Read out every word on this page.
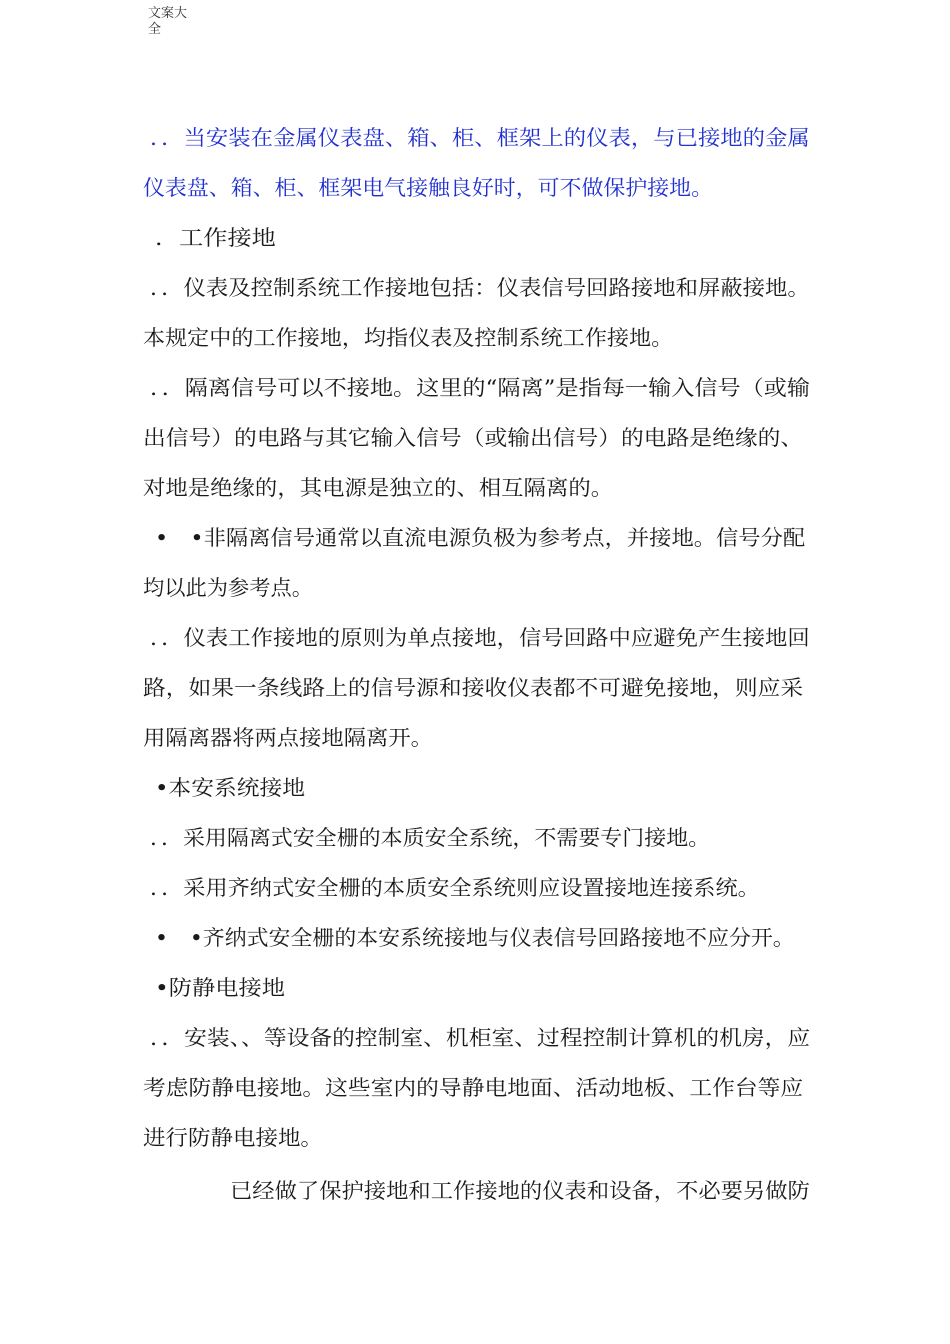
文案大全
．．当安装在金属仪表盘、箱、柜、框架上的仪表，与已接地的金属
仪表盘、箱、柜、框架电气接触良好时，可不做保护接地。
．工作接地
．．仪表及控制系统工作接地包括：仪表信号回路接地和屏蔽接地。
本规定中的工作接地，均指仪表及控制系统工作接地。
．．隔离信号可以不接地。这里的“隔离”是指每一输入信号（或输
出信号）的电路与其它输入信号（或输出信号）的电路是绝缘的、
对地是绝缘的，其电源是独立的、相互隔离的。
•　•非隔离信号通常以直流电源负极为参考点，并接地。信号分配
均以此为参考点。
．．仪表工作接地的原则为单点接地，信号回路中应避免产生接地回
路，如果一条线路上的信号源和接收仪表都不可避免接地，则应采
用隔离器将两点接地隔离开。
•本安系统接地
．．采用隔离式安全栅的本质安全系统，不需要专门接地。
．．采用齐纳式安全栅的本质安全系统则应设置接地连接系统。
•　•齐纳式安全栅的本安系统接地与仪表信号回路接地不应分开。
•防静电接地
．．安装、、等设备的控制室、机柜室、过程控制计算机的机房，应
考虑防静电接地。这些室内的导静电地面、活动地板、工作台等应
进行防静电接地。
已经做了保护接地和工作接地的仪表和设备，不必要另做防
